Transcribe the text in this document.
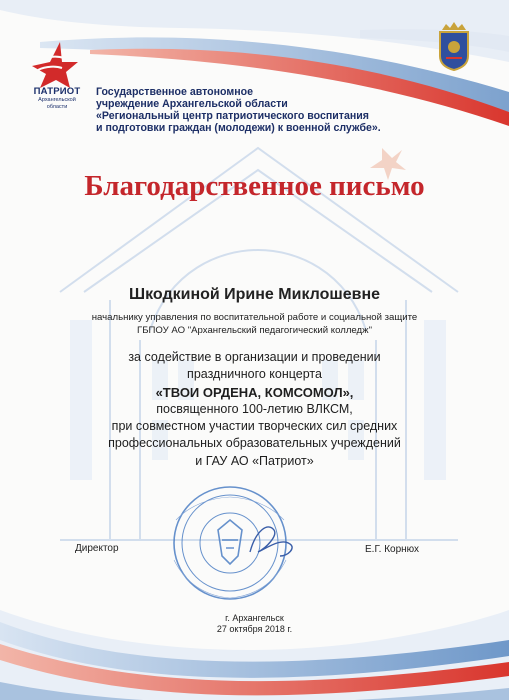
ПАТРИОТ
Архангельской
области
Государственное автономное
учреждение Архангельской области
«Региональный центр патриотического воспитания
и подготовки граждан (молодежи) к военной службе».
Благодарственное письмо
Шкодкиной Ирине Миклошевне
начальнику управления по воспитательной работе и социальной защите
ГБПОУ АО "Архангельский педагогический колледж"
за содействие в организации и проведении
праздничного концерта
«ТВОИ ОРДЕНА, КОМСОМОЛ»,
посвященного 100-летию ВЛКСМ,
при совместном участии творческих сил средних
профессиональных образовательных учреждений
и ГАУ АО «Патриот»
Директор	Е.Г. Корнюх
г. Архангельск
27 октября 2018 г.
